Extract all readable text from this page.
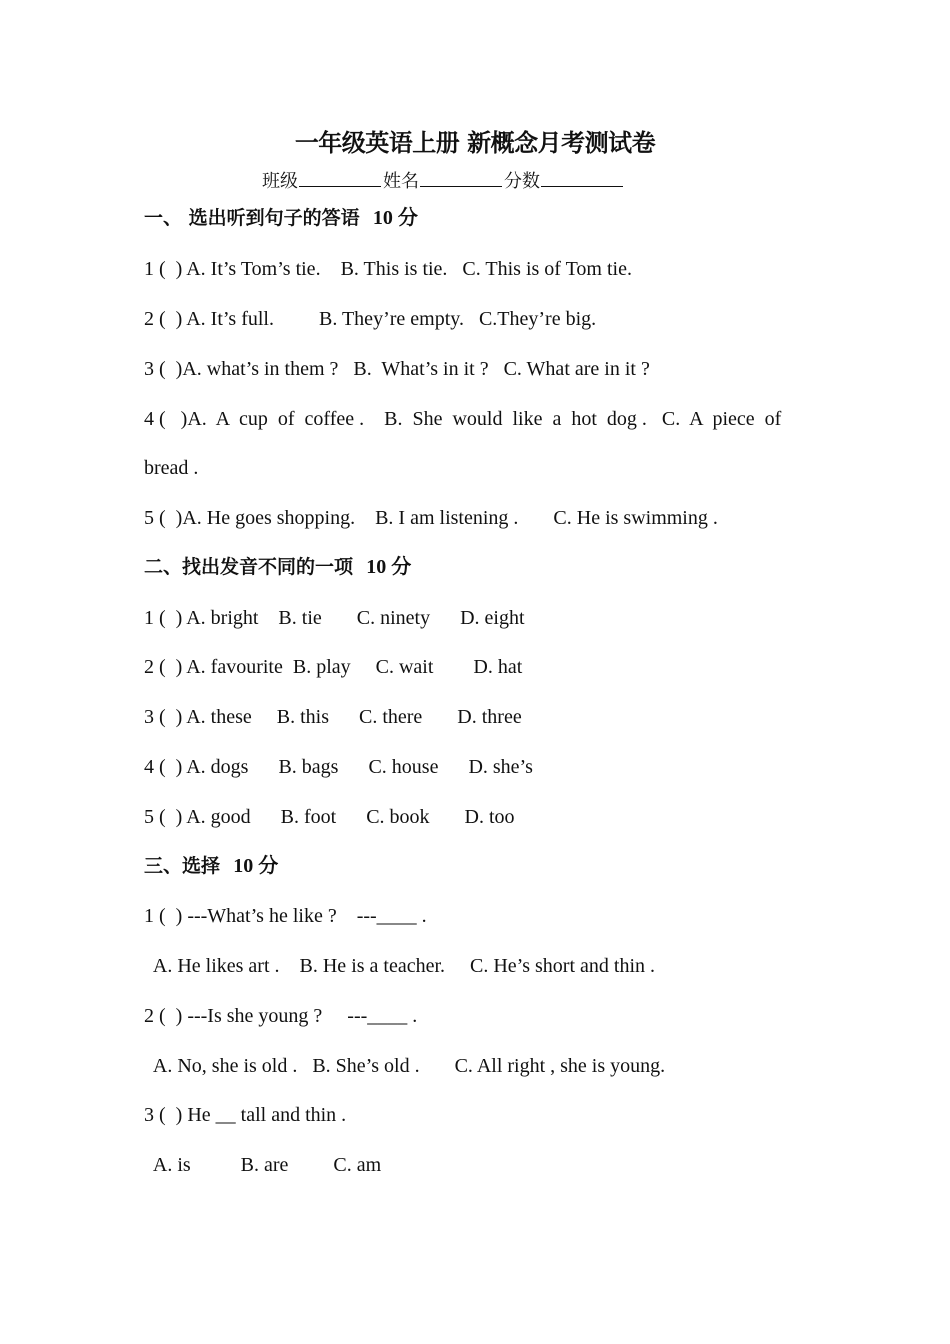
一年级英语上册 新概念月考测试卷
班级	姓名	分数
一、 选出听到句子的答语 10 分
1 (  ) A. It’s Tom’s tie.    B. This is tie.   C. This is of Tom tie.
2 (  ) A. It’s full.         B. They’re empty.   C.They’re big.
3 (  )A. what’s in them ?   B.  What’s in it ?   C. What are in it ?
4 (   )A.  A  cup  of  coffee .    B.  She  would  like  a  hot  dog .   C.  A  piece  of
bread .
5 (  )A. He goes shopping.    B. I am listening .       C. He is swimming .
二、找出发音不同的一项 10 分
1 (  ) A. bright    B. tie       C. ninety      D. eight
2 (  ) A. favourite  B. play     C. wait        D. hat
3 (  ) A. these     B. this      C. there       D. three
4 (  ) A. dogs      B. bags      C. house      D. she’s
5 (  ) A. good      B. foot      C. book       D. too
三、选择 10 分
1 (  ) ---What’s he like ?    ---____ .
A. He likes art .    B. He is a teacher.     C. He’s short and thin .
2 (  ) ---Is she young ?     ---____ .
A. No, she is old .   B. She’s old .       C. All right , she is young.
3 (  ) He __ tall and thin .
A. is          B. are         C. am
